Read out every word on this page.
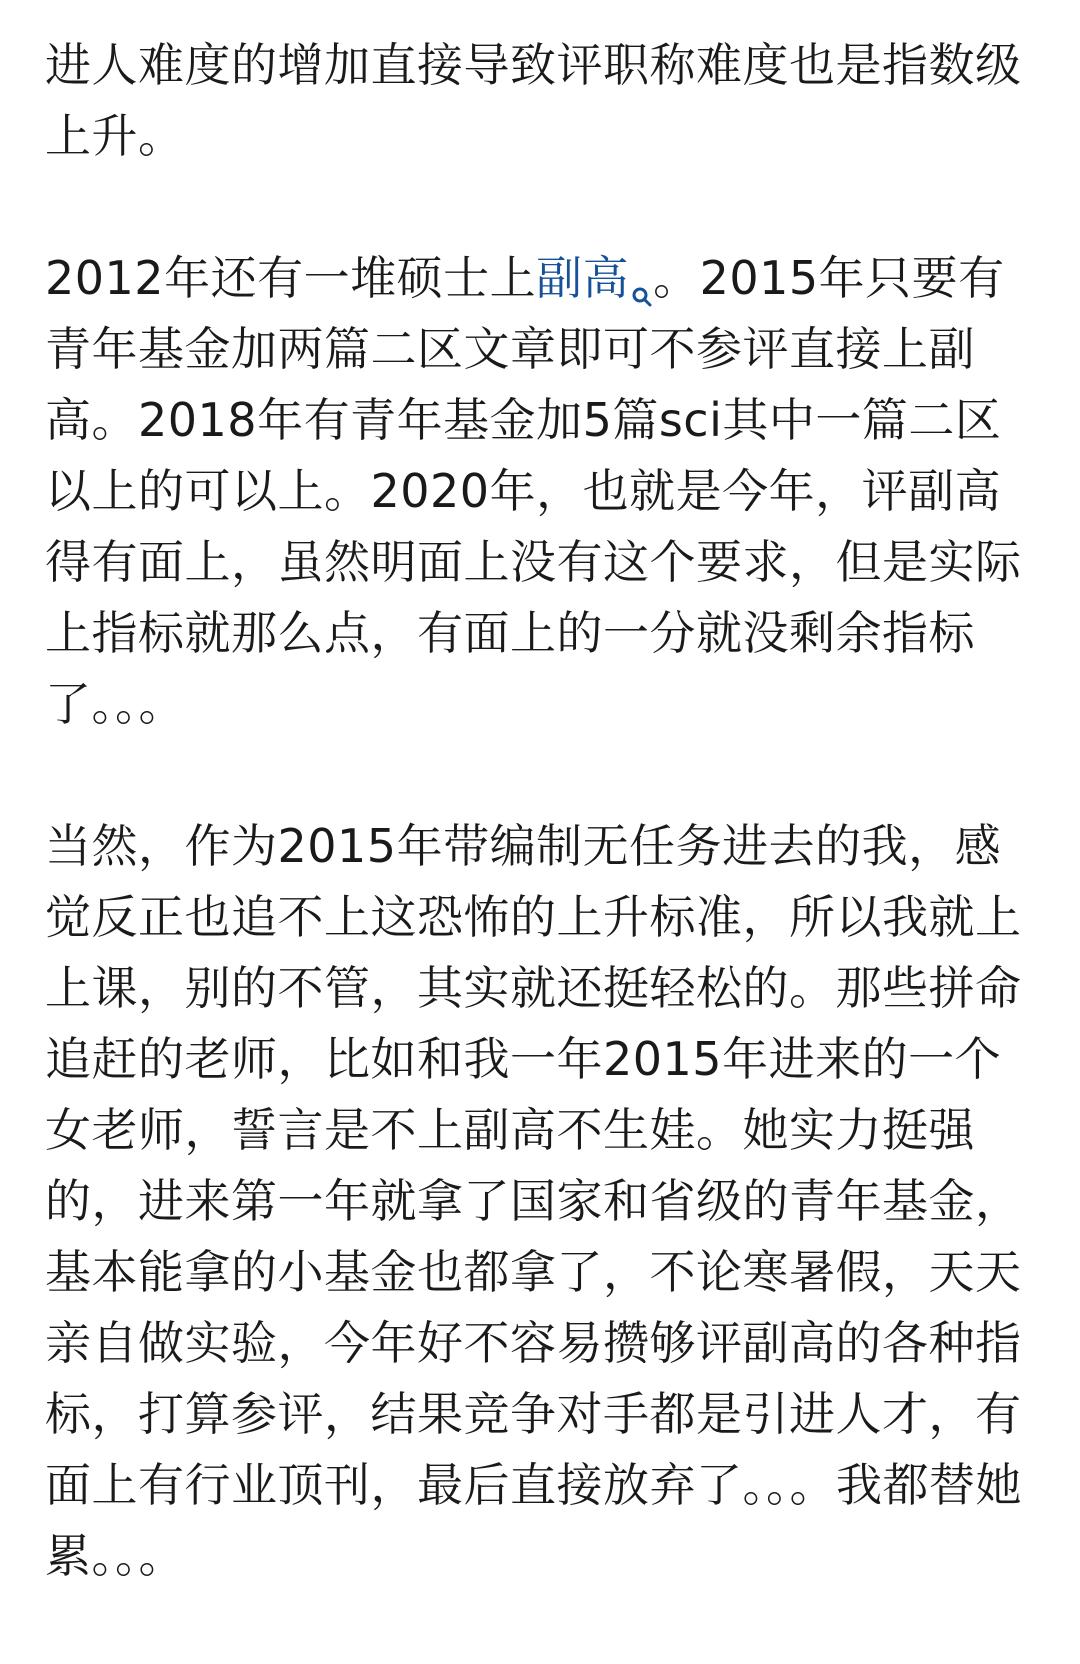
进人难度的增加直接导致评职称难度也是指数级上升。

2012年还有一堆硕士上副高 。2015年只要有青年基金加两篇二区文章即可不参评直接上副高。2018年有青年基金加5篇sci其中一篇二区以上的可以上。2020年，也就是今年，评副高得有面上，虽然明面上没有这个要求，但是实际上指标就那么点，有面上的一分就没剩余指标了。。。

当然，作为2015年带编制无任务进去的我，感觉反正也追不上这恐怖的上升标准，所以我就上上课，别的不管，其实就还挺轻松的。那些拼命追赶的老师，比如和我一年2015年进来的一个女老师，誓言是不上副高不生娃。她实力挺强的，进来第一年就拿了国家和省级的青年基金，基本能拿的小基金也都拿了，不论寒暑假，天天亲自做实验，今年好不容易攒够评副高的各种指标，打算参评，结果竞争对手都是引进人才，有面上有行业顶刊，最后直接放弃了。。。我都替她累。。。
